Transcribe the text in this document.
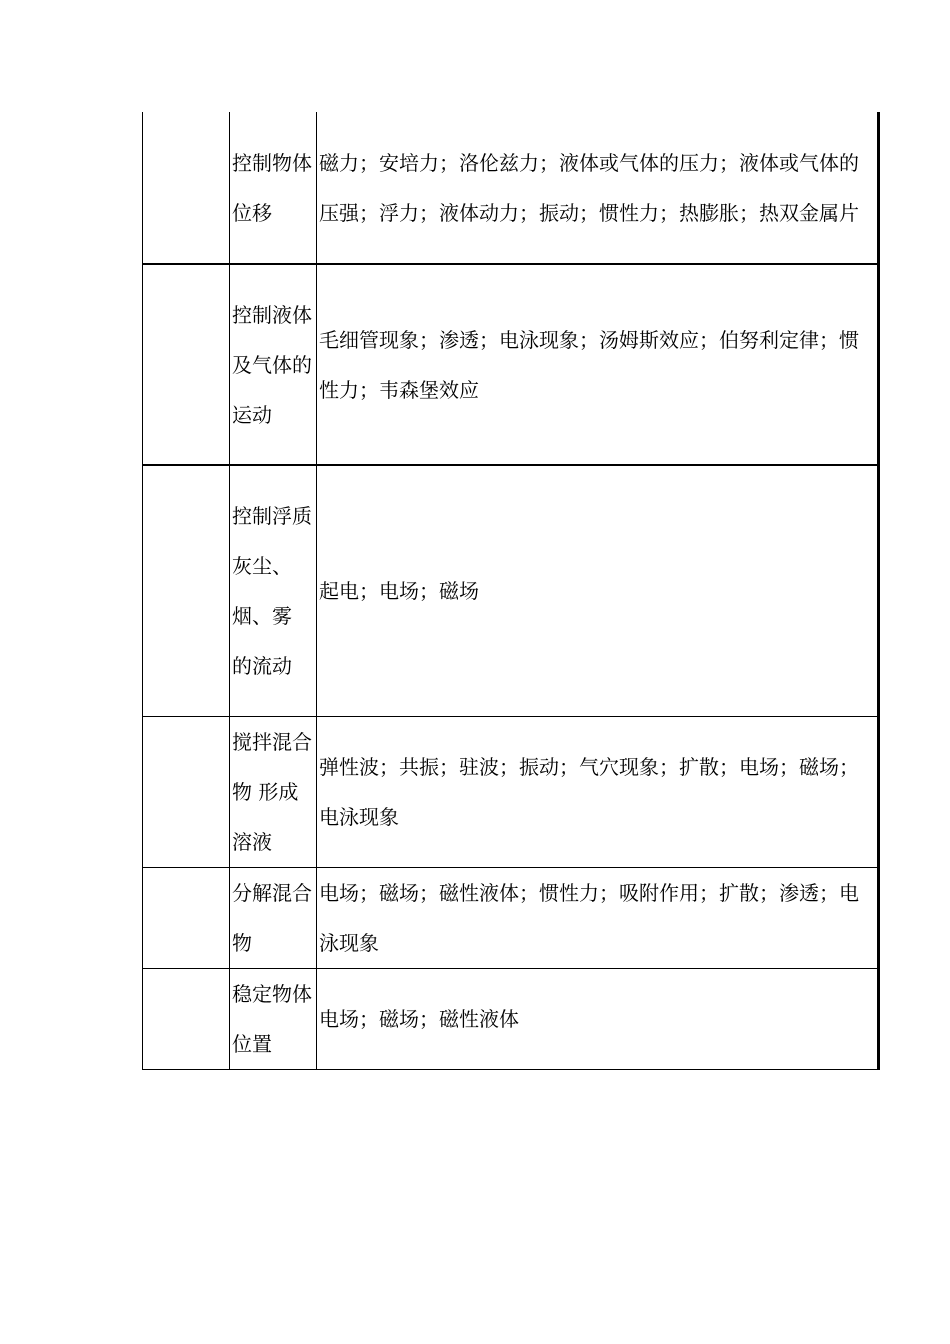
	控制物体位移	磁力；安培力；洛伦兹力；液体或气体的压力；液体或气体的压强；浮力；液体动力；振动；惯性力；热膨胀；热双金属片

	控制液体及气体的运动	毛细管现象；渗透；电泳现象；汤姆斯效应；伯努利定律；惯性力；韦森堡效应

	控制浮质 灰尘、烟、雾 的流动	起电；电场；磁场

	搅拌混合物 形成溶液	弹性波；共振；驻波；振动；气穴现象；扩散；电场；磁场；电泳现象

	分解混合物	电场；磁场；磁性液体；惯性力；吸附作用；扩散；渗透；电泳现象

	稳定物体位置	电场；磁场；磁性液体
